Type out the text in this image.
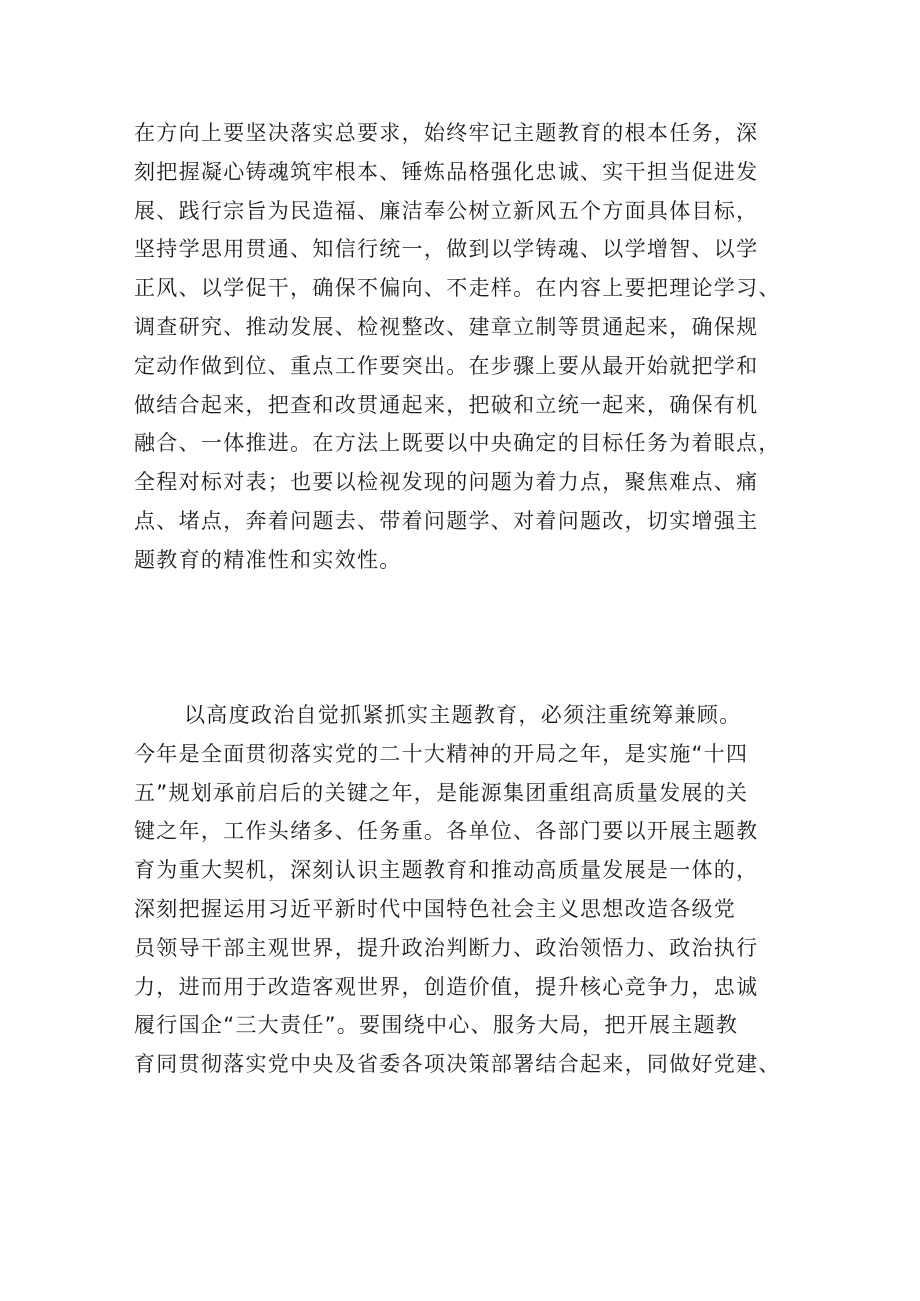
在方向上要坚决落实总要求，始终牢记主题教育的根本任务，深
刻把握凝心铸魂筑牢根本、锤炼品格强化忠诚、实干担当促进发
展、践行宗旨为民造福、廉洁奉公树立新风五个方面具体目标，
坚持学思用贯通、知信行统一，做到以学铸魂、以学增智、以学
正风、以学促干，确保不偏向、不走样。在内容上要把理论学习、
调查研究、推动发展、检视整改、建章立制等贯通起来，确保规
定动作做到位、重点工作要突出。在步骤上要从最开始就把学和
做结合起来，把查和改贯通起来，把破和立统一起来，确保有机
融合、一体推进。在方法上既要以中央确定的目标任务为着眼点，
全程对标对表；也要以检视发现的问题为着力点，聚焦难点、痛
点、堵点，奔着问题去、带着问题学、对着问题改，切实增强主
题教育的精准性和实效性。
以高度政治自觉抓紧抓实主题教育，必须注重统筹兼顾。
今年是全面贯彻落实党的二十大精神的开局之年，是实施“十四
五”规划承前启后的关键之年，是能源集团重组高质量发展的关
键之年，工作头绪多、任务重。各单位、各部门要以开展主题教
育为重大契机，深刻认识主题教育和推动高质量发展是一体的，
深刻把握运用习近平新时代中国特色社会主义思想改造各级党
员领导干部主观世界，提升政治判断力、政治领悟力、政治执行
力，进而用于改造客观世界，创造价值，提升核心竞争力，忠诚
履行国企“三大责任”。要围绕中心、服务大局，把开展主题教
育同贯彻落实党中央及省委各项决策部署结合起来，同做好党建、
